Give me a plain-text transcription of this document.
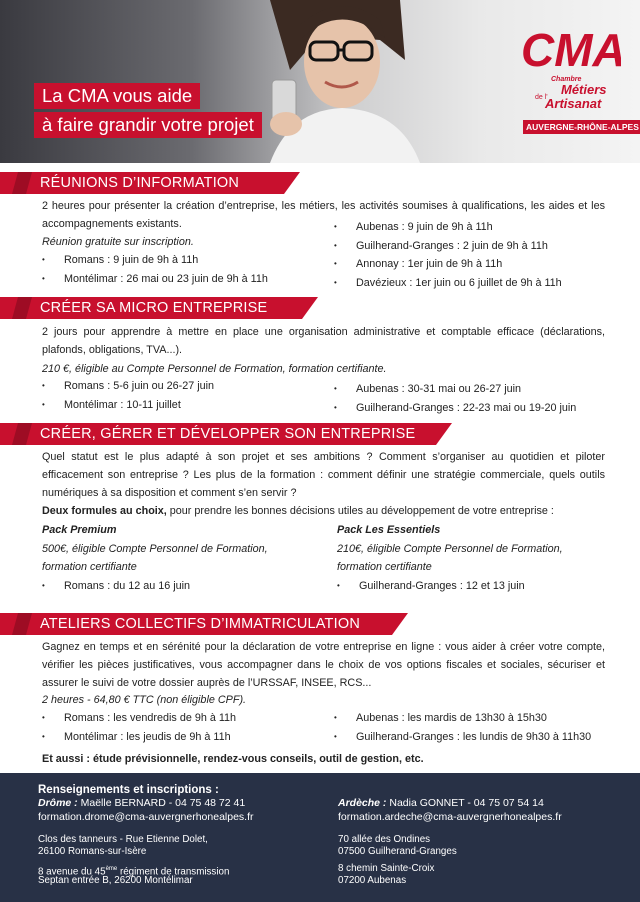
La CMA vous aide
à faire grandir votre projet
CMA
Chambre
Métiers
de l'
Artisanat
AUVERGNE-RHÔNE-ALPES
RÉUNIONS D’INFORMATION
2 heures pour présenter la création d’entreprise, les métiers, les activités soumises à qualifications, les aides et les accompagnements existants.
Réunion gratuite sur inscription.
• Romans : 9 juin de 9h à 11h
• Montélimar : 26 mai ou 23 juin de 9h à 11h
• Aubenas : 9 juin de 9h à 11h
• Guilherand-Granges : 2 juin de 9h à 11h
• Annonay : 1er juin de 9h à 11h
• Davézieux : 1er juin ou 6 juillet de 9h à 11h
CRÉER SA MICRO ENTREPRISE
2 jours pour apprendre à mettre en place une organisation administrative et comptable efficace (déclarations, plafonds, obligations, TVA...).
210 €, éligible au Compte Personnel de Formation, formation certifiante.
• Romans : 5-6 juin ou 26-27 juin
• Montélimar : 10-11 juillet
• Aubenas : 30-31 mai ou 26-27 juin
• Guilherand-Granges : 22-23 mai ou 19-20 juin
CRÉER, GÉRER ET DÉVELOPPER SON ENTREPRISE
Quel statut est le plus adapté à son projet et ses ambitions ? Comment s’organiser au quotidien et piloter efficacement son entreprise ? Les plus de la formation : comment définir une stratégie commerciale, quels outils numériques à sa disposition et comment s’en servir ?
Deux formules au choix, pour prendre les bonnes décisions utiles au développement de votre entreprise :
Pack Premium
500€, éligible Compte Personnel de Formation,
formation certifiante
• Romans : du 12 au 16 juin
Pack Les Essentiels
210€, éligible Compte Personnel de Formation,
formation certifiante
• Guilherand-Granges : 12 et 13 juin
ATELIERS COLLECTIFS D’IMMATRICULATION
Gagnez en temps et en sérénité pour la déclaration de votre entreprise en ligne : vous aider à créer votre compte, vérifier les pièces justificatives, vous accompagner dans le choix de vos options fiscales et sociales, sécuriser et assurer le suivi de votre dossier auprès de l’URSSAF, INSEE, RCS...
2 heures - 64,80 € TTC (non éligible CPF).
• Romans : les vendredis de 9h à 11h
• Montélimar : les jeudis de 9h à 11h
• Aubenas : les mardis de 13h30 à 15h30
• Guilherand-Granges : les lundis de 9h30 à 11h30
Et aussi : étude prévisionnelle, rendez-vous conseils, outil de gestion, etc.
Renseignements et inscriptions :
Drôme : Maëlle BERNARD - 04 75 48 72 41
formation.drome@cma-auvergnerhonealpes.fr
Clos des tanneurs - Rue Etienne Dolet,
26100 Romans-sur-Isère
8 avenue du 45ème régiment de transmission
Septan entrée B, 26200 Montélimar
Ardèche : Nadia GONNET - 04 75 07 54 14
formation.ardeche@cma-auvergnerhonealpes.fr
70 allée des Ondines
07500 Guilherand-Granges
8 chemin Sainte-Croix
07200 Aubenas
